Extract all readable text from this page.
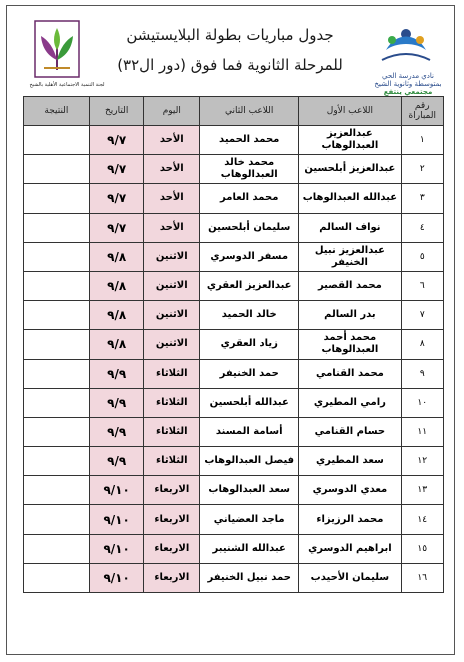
لجنة التنمية الاجتماعية الأهلية بالشيخ
جدول مباريات بطولة البلايستيشن
للمرحلة الثانوية فما فوق (دور ال٣٢)
نادي مدرسة الحي
بمتوسطة وثانوية الشيخ
مجتمعي ينتفع
رقم المباراة	اللاعب الأول	اللاعب الثاني	اليوم	التاريخ	النتيجة
١	عبدالعزيز العبدالوهاب	محمد الحميد	الأحد	٩/٧	
٢	عبدالعزيز أبلحسين	محمد خالد العبدالوهاب	الأحد	٩/٧	
٣	عبدالله العبدالوهاب	محمد العامر	الأحد	٩/٧	
٤	نواف السالم	سليمان أبلحسين	الأحد	٩/٧	
٥	عبدالعزيز نبيل الخنيفر	مسفر الدوسري	الاثنين	٩/٨	
٦	محمد القصير	عبدالعزيز العقري	الاثنين	٩/٨	
٧	بدر السالم	خالد الحميد	الاثنين	٩/٨	
٨	محمد أحمد العبدالوهاب	زياد العقري	الاثنين	٩/٨	
٩	محمد القنامي	حمد الخنيفر	الثلاثاء	٩/٩	
١٠	رامي المطيري	عبدالله أبلحسين	الثلاثاء	٩/٩	
١١	حسام القنامي	أسامة المسند	الثلاثاء	٩/٩	
١٢	سعد المطيري	فيصل العبدالوهاب	الثلاثاء	٩/٩	
١٣	معدي الدوسري	سعد العبدالوهاب	الاربعاء	٩/١٠	
١٤	محمد الرزيزاء	ماجد العضياني	الاربعاء	٩/١٠	
١٥	ابراهيم الدوسري	عبدالله الشنيبر	الاربعاء	٩/١٠	
١٦	سليمان الأحيدب	حمد نبيل الخنيفر	الاربعاء	٩/١٠	
